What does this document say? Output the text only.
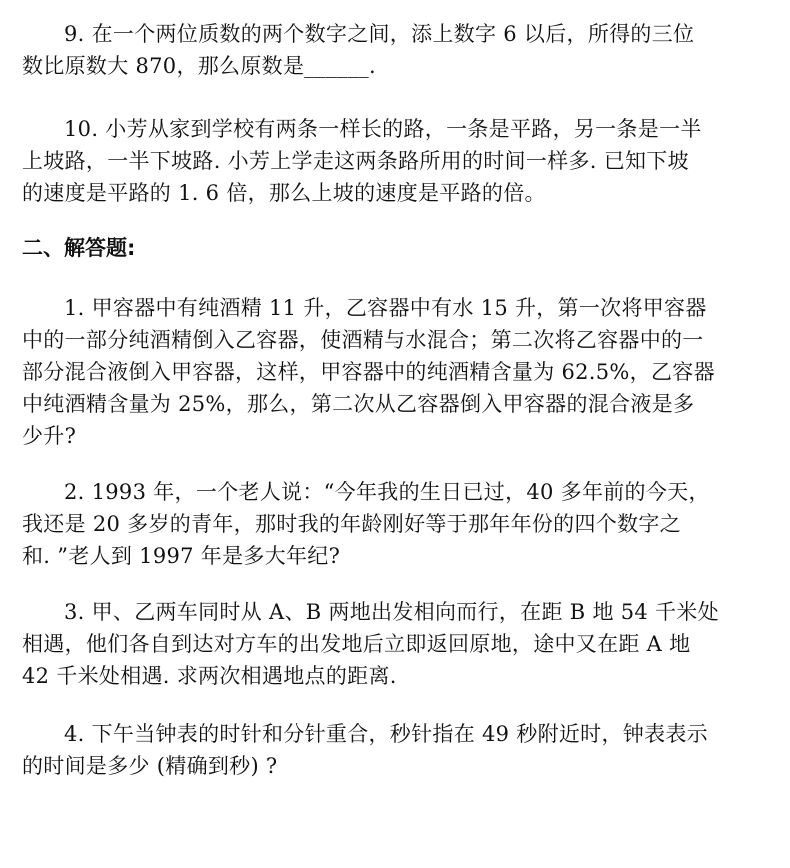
9. 在一个两位质数的两个数字之间，添上数字 6 以后，所得的三位
数比原数大 870，那么原数是______.
10. 小芳从家到学校有两条一样长的路，一条是平路，另一条是一半
上坡路，一半下坡路. 小芳上学走这两条路所用的时间一样多. 已知下坡
的速度是平路的 1. 6 倍，那么上坡的速度是平路的倍。
二、解答题:
1. 甲容器中有纯酒精 11 升，乙容器中有水 15 升，第一次将甲容器
中的一部分纯酒精倒入乙容器，使酒精与水混合；第二次将乙容器中的一
部分混合液倒入甲容器，这样，甲容器中的纯酒精含量为 62.5%，乙容器
中纯酒精含量为 25%，那么，第二次从乙容器倒入甲容器的混合液是多
少升?
2. 1993 年，一个老人说：“今年我的生日已过，40 多年前的今天，
我还是 20 多岁的青年，那时我的年龄刚好等于那年年份的四个数字之
和. ”老人到 1997 年是多大年纪?
3. 甲、乙两车同时从 A、B 两地出发相向而行，在距 B 地 54 千米处
相遇，他们各自到达对方车的出发地后立即返回原地，途中又在距 A 地
42 千米处相遇. 求两次相遇地点的距离.
4. 下午当钟表的时针和分针重合，秒针指在 49 秒附近时，钟表表示
的时间是多少 (精确到秒) ?
